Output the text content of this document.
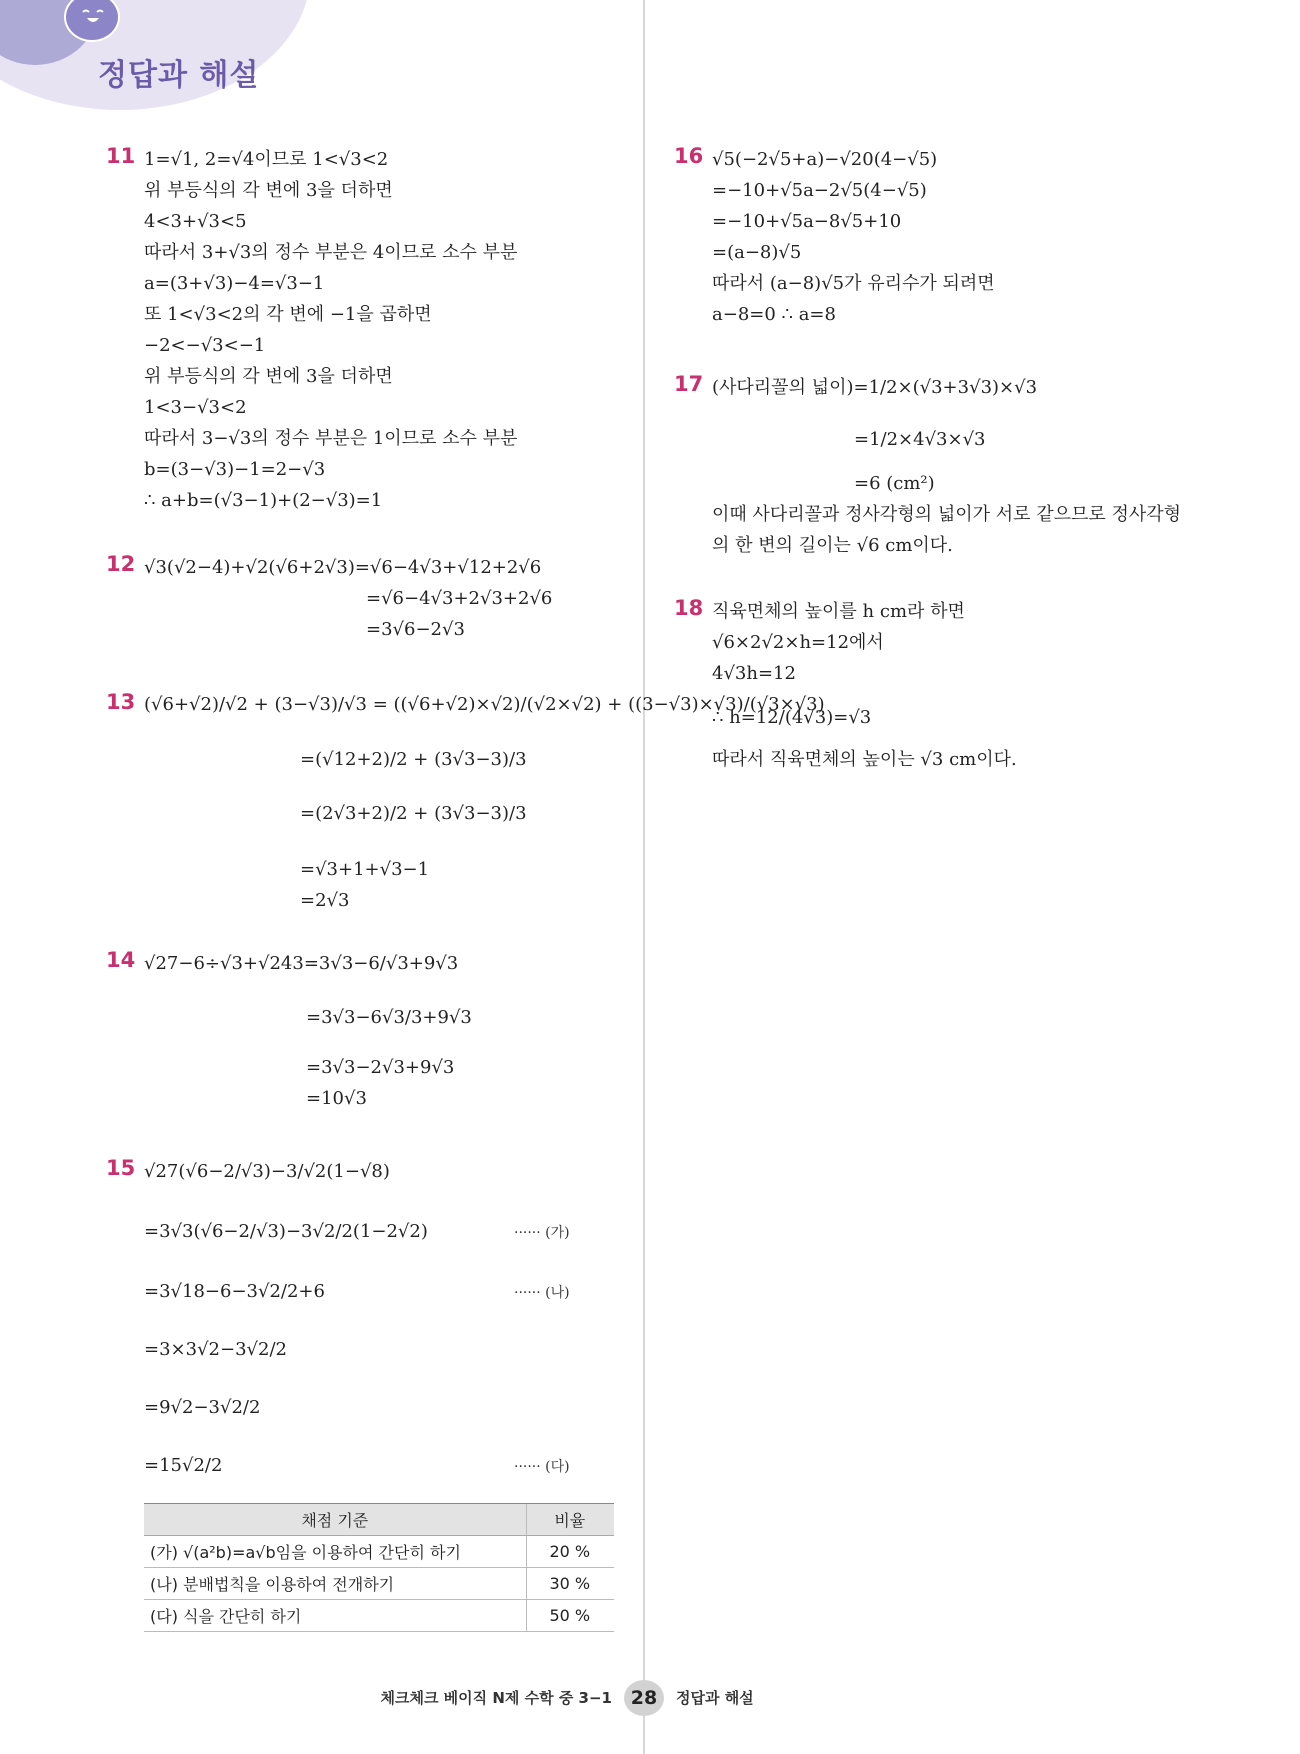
정답과 해설
11 1=√1, 2=√4이므로 1<√3<2
위 부등식의 각 변에 3을 더하면
4<3+√3<5
따라서 3+√3의 정수 부분은 4이므로 소수 부분
a=(3+√3)−4=√3−1
또 1<√3<2의 각 변에 −1을 곱하면
−2<−√3<−1
위 부등식의 각 변에 3을 더하면
1<3−√3<2
따라서 3−√3의 정수 부분은 1이므로 소수 부분
b=(3−√3)−1=2−√3
∴ a+b=(√3−1)+(2−√3)=1
12 √3(√2−4)+√2(√6+2√3)=√6−4√3+√12+2√6
=√6−4√3+2√3+2√6
=3√6−2√3
13 (√6+√2)/√2 + (3−√3)/√3 = ((√6+√2)×√2)/(√2×√2) + ((3−√3)×√3)/(√3×√3)
=(√12+2)/2 + (3√3−3)/3
=(2√3+2)/2 + (3√3−3)/3
=√3+1+√3−1
=2√3
14 √27−6÷√3+√243=3√3−6/√3+9√3
=3√3−6√3/3+9√3
=3√3−2√3+9√3
=10√3
15 √27(√6−2/√3)−3/√2(1−√8)
=3√3(√6−2/√3)−3√2/2(1−2√2)
=3√18−6−3√2/2+6
=3×3√2−3√2/2
=9√2−3√2/2
=15√2/2
······ (가)
······ (나)
······ (다)
채점 기준	비율
(가) √(a²b)=a√b임을 이용하여 간단히 하기	20 %
(나) 분배법칙을 이용하여 전개하기	30 %
(다) 식을 간단히 하기	50 %
16 √5(−2√5+a)−√20(4−√5)
=−10+√5a−2√5(4−√5)
=−10+√5a−8√5+10
=(a−8)√5
따라서 (a−8)√5가 유리수가 되려면
a−8=0 ∴ a=8
17 (사다리꼴의 넓이)=1/2×(√3+3√3)×√3
=1/2×4√3×√3
=6 (cm²)
이때 사다리꼴과 정사각형의 넓이가 서로 같으므로 정사각형
의 한 변의 길이는 √6 cm이다.
18 직육면체의 높이를 h cm라 하면
√6×2√2×h=12에서
4√3h=12
∴ h=12/(4√3)=√3
따라서 직육면체의 높이는 √3 cm이다.
체크체크 베이직 N제 수학 중 3−1 28	정답과 해설
